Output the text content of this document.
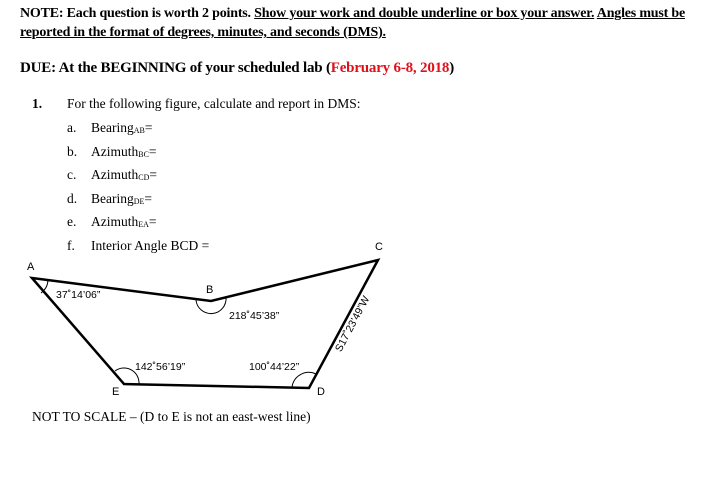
NOTE: Each question is worth 2 points. Show your work and double underline or box your answer. Angles must be reported in the format of degrees, minutes, and seconds (DMS).
DUE: At the BEGINNING of your scheduled lab (February 6-8, 2018)
1. For the following figure, calculate and report in DMS:
a. Bearing$_{AB}$=
b. Azimuth$_{BC}$=
c. Azimuth$_{CD}$=
d. Bearing$_{DE}$=
e. Azimuth$_{EA}$=
f. Interior Angle BCD =
A
B
C
D
E
37˚14’06”
218˚45’38”
142˚56’19”	100˚44’22”
S17˚23’49”W
NOT TO SCALE – (D to E is not an east-west line)
